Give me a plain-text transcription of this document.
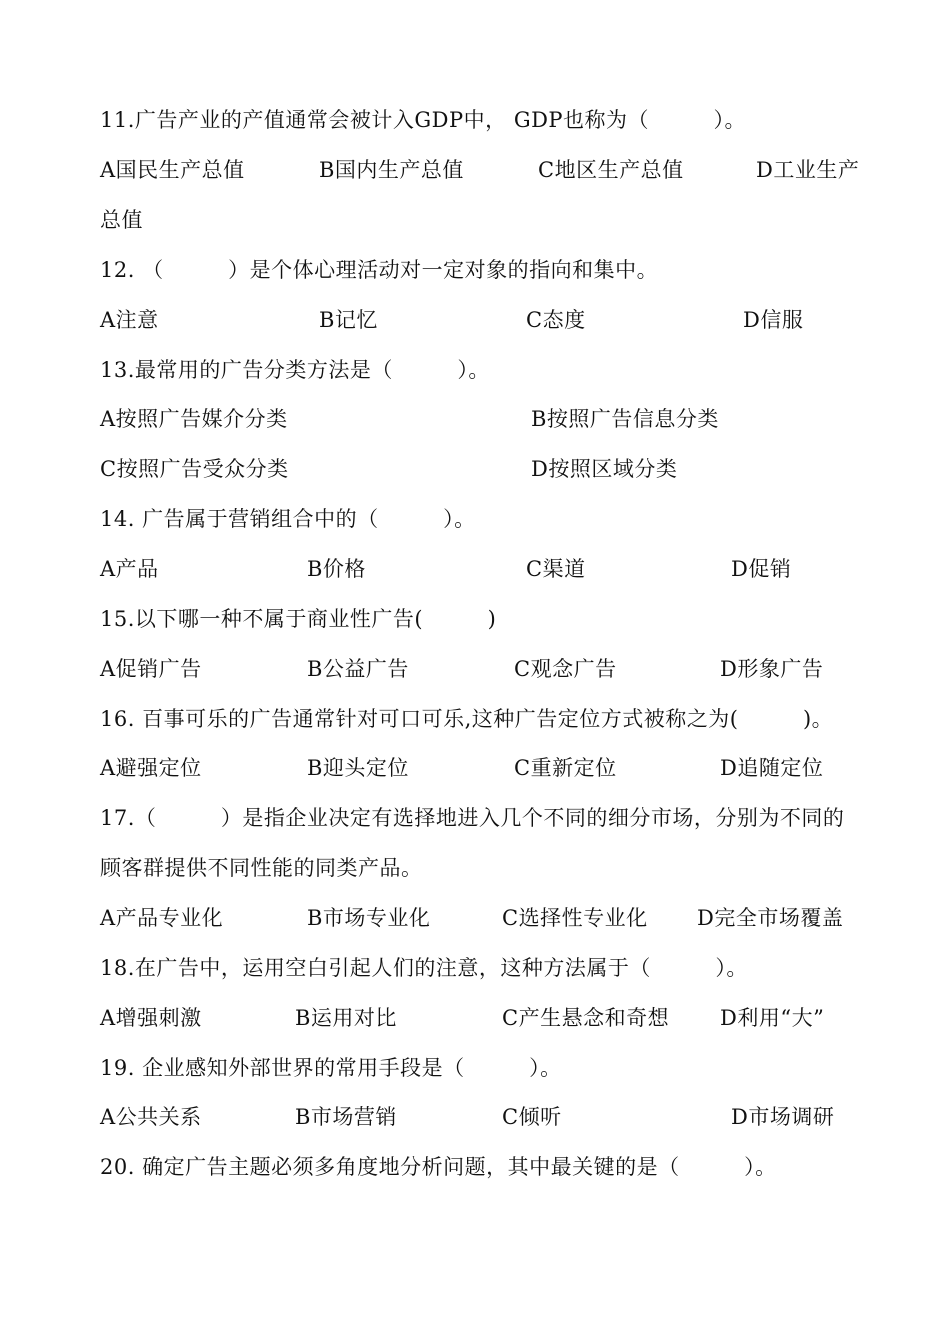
11.广告产业的产值通常会被计入GDP中， GDP也称为（　　　）。
A国民生产总值	B国内生产总值	C地区生产总值	D工业生产
总值
12. （　　　）是个体心理活动对一定对象的指向和集中。
A注意	B记忆	C态度	D信服
13.最常用的广告分类方法是（　　　）。
A按照广告媒介分类	B按照广告信息分类
C按照广告受众分类	D按照区域分类
14. 广告属于营销组合中的（　　　）。
A产品	B价格	C渠道	D促销
15.以下哪一种不属于商业性广告(　　　)
A促销广告	B公益广告	C观念广告	D形象广告
16. 百事可乐的广告通常针对可口可乐,这种广告定位方式被称之为(　　　)。
A避强定位	B迎头定位	C重新定位	D追随定位
17.（　　　）是指企业决定有选择地进入几个不同的细分市场，分别为不同的
顾客群提供不同性能的同类产品。
A产品专业化	B市场专业化	C选择性专业化 D完全市场覆盖
18.在广告中，运用空白引起人们的注意，这种方法属于（　　　）。
A增强刺激	B运用对比	C产生悬念和奇想 D利用“大”
19. 企业感知外部世界的常用手段是（　　　）。
A公共关系	B市场营销	C倾听	D市场调研
20. 确定广告主题必须多角度地分析问题，其中最关键的是（　　　）。
